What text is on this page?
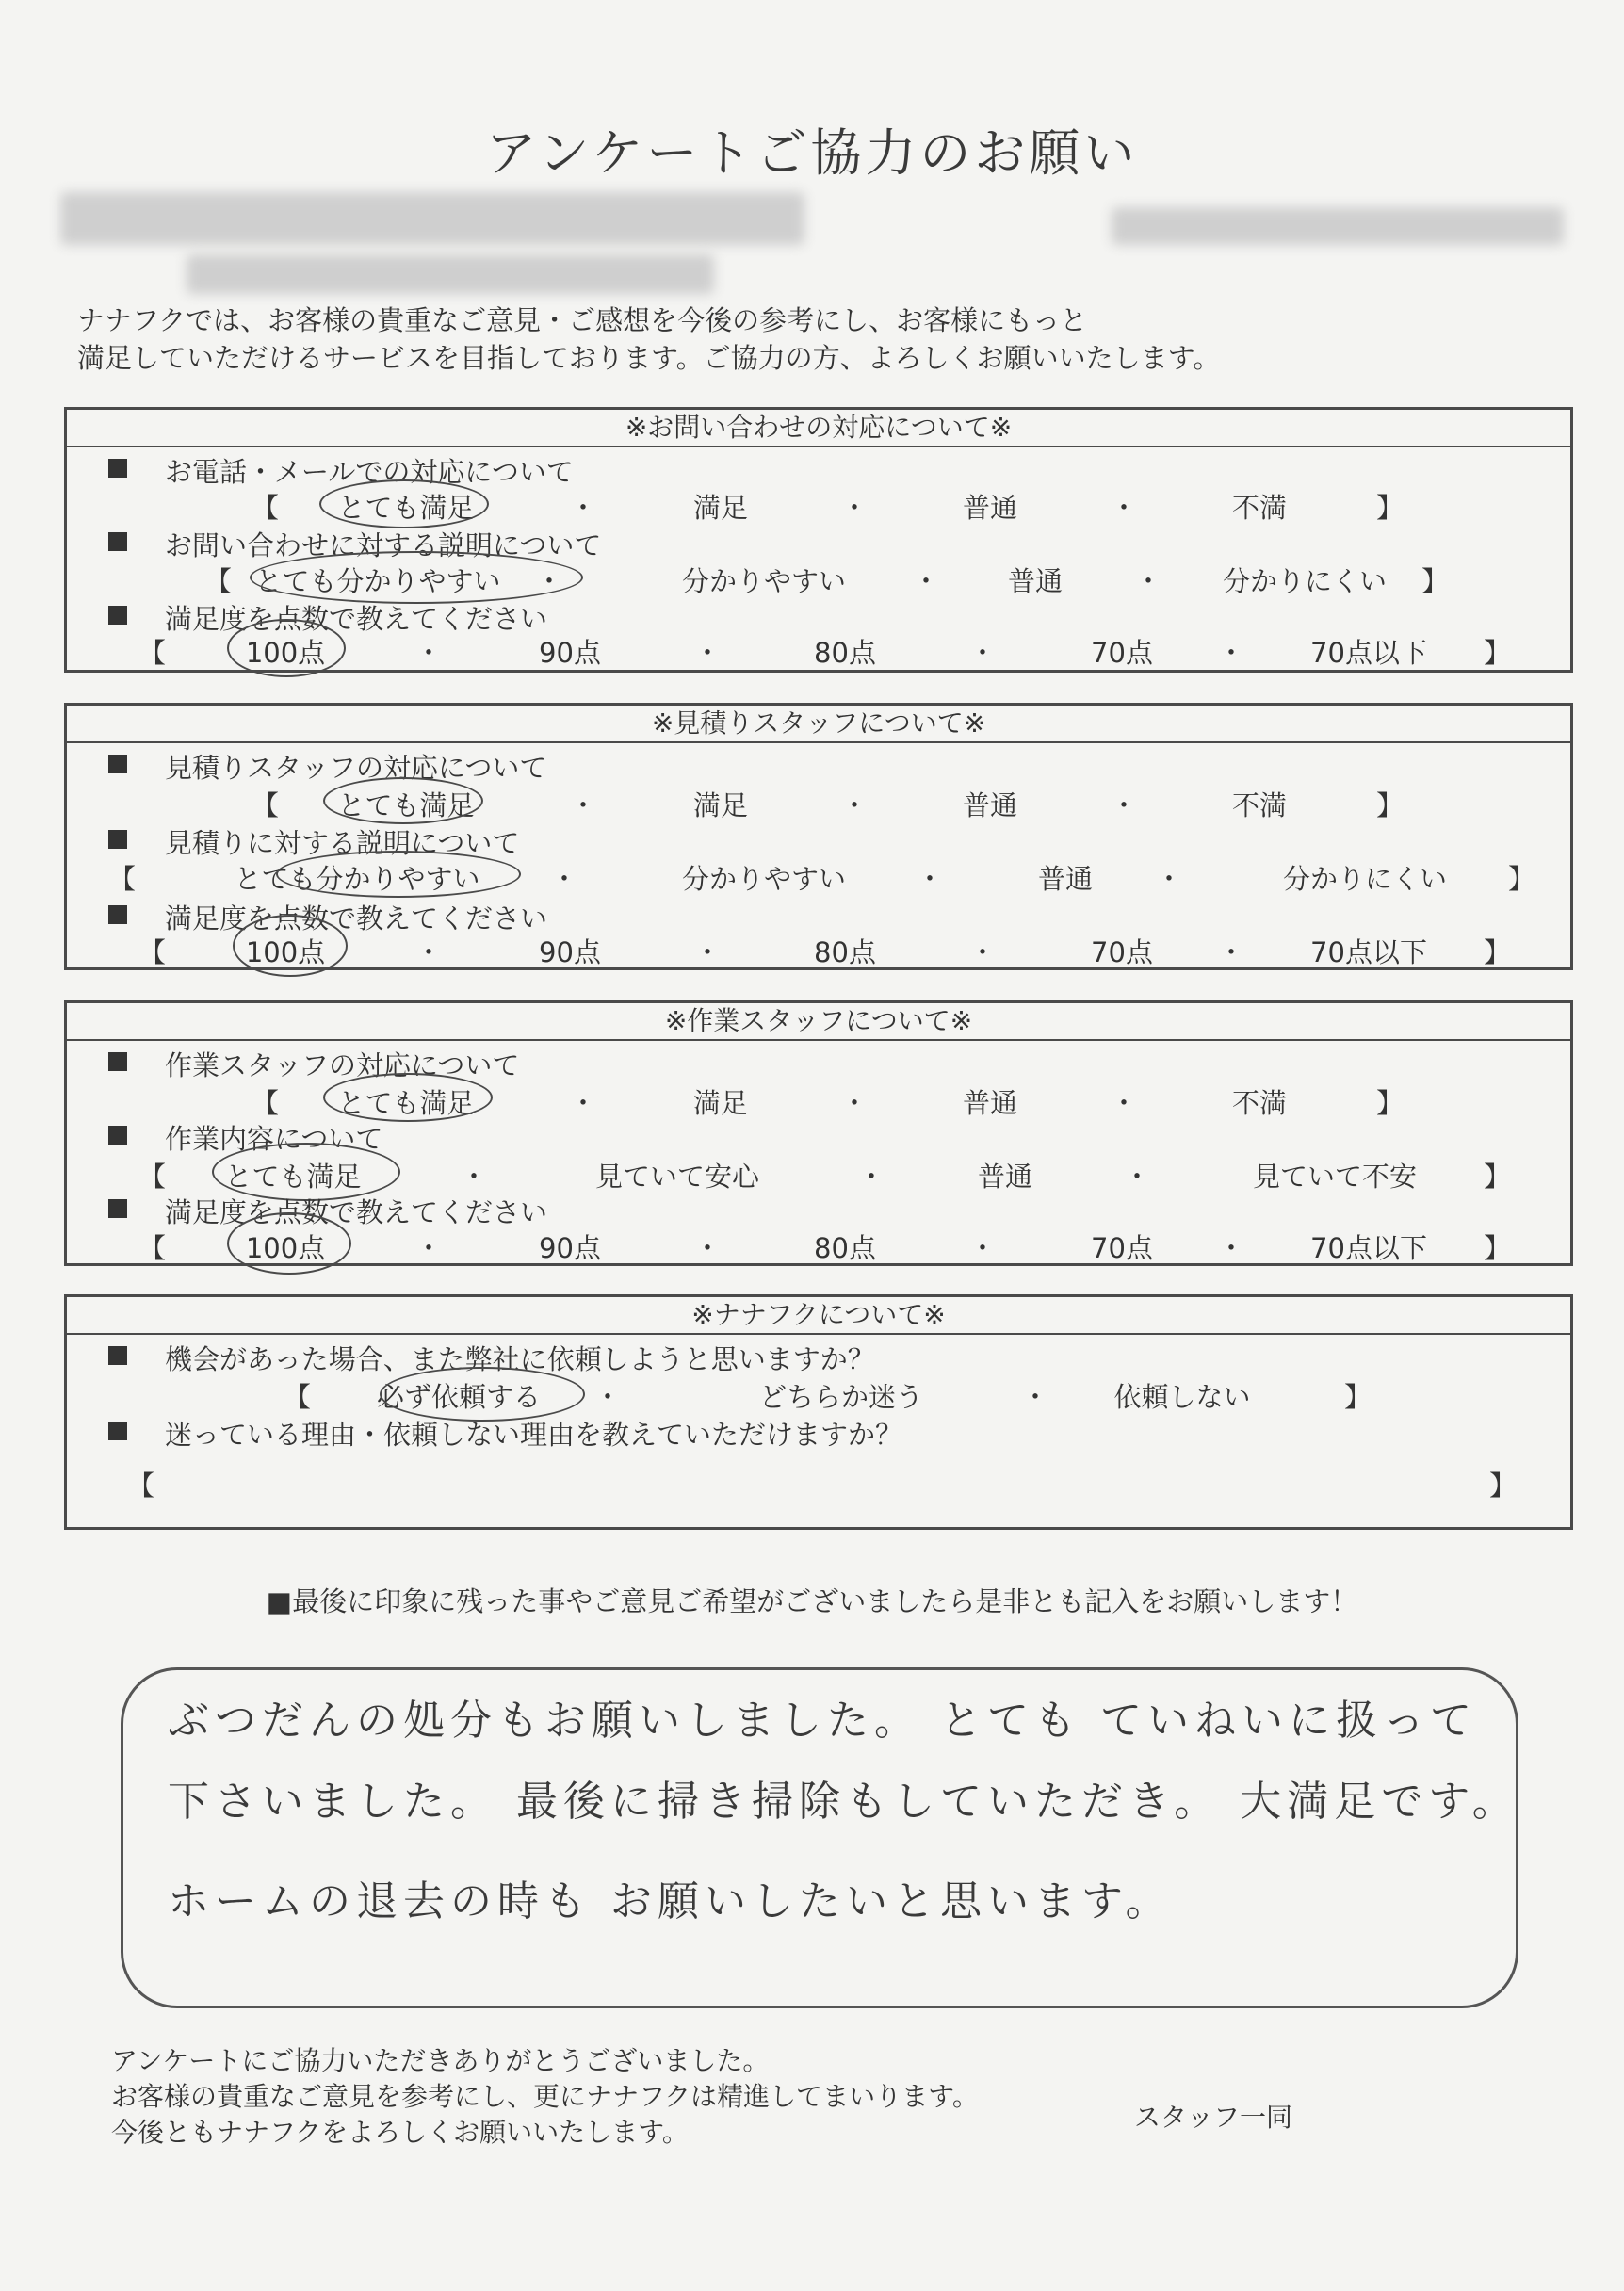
アンケートご協力のお願い
ナナフクでは、お客様の貴重なご意見・ご感想を今後の参考にし、お客様にもっと
満足していただけるサービスを目指しております。ご協力の方、よろしくお願いいたします。
※お問い合わせの対応について※
お電話・メールでの対応について
【 とても満足	・	満足	・	普通	・	不満	】
お問い合わせに対する説明について
【 とても分かりやすい ・	分かりやすい ・ 普通	・ 分かりにくい 】
満足度を点数で教えてください
【	100点	・	90点	・	80点	・	70点 ・ 70点以下 】
※見積りスタッフについて※
見積りスタッフの対応について
【 とても満足	・	満足	・	普通	・	不満	】
見積りに対する説明について
【	とても分かりやすい	・	分かりやすい	・	普通 ・	分かりにくい 】
満足度を点数で教えてください
【	100点	・	90点	・	80点	・	70点 ・ 70点以下 】
※作業スタッフについて※
作業スタッフの対応について
【 とても満足	・	満足	・	普通	・	不満	】
作業内容について
【 とても満足	・	見ていて安心	・	普通	・	見ていて不安 】
満足度を点数で教えてください
【	100点	・	90点	・	80点	・	70点 ・ 70点以下 】
※ナナフクについて※
機会があった場合、また弊社に依頼しようと思いますか？
【 必ず依頼する ・	どちらか迷う	・ 依頼しない	】
迷っている理由・依頼しない理由を教えていただけますか？
【	】
■最後に印象に残った事やご意見ご希望がございましたら是非とも記入をお願いします！
ぶつだんの処分もお願いしました。 とても ていねいに扱って
下さいました。 最後に掃き掃除もしていただき。 大満足です。
ホームの退去の時も お願いしたいと思います。
アンケートにご協力いただきありがとうございました。
お客様の貴重なご意見を参考にし、更にナナフクは精進してまいります。
今後ともナナフクをよろしくお願いいたします。	スタッフ一同
